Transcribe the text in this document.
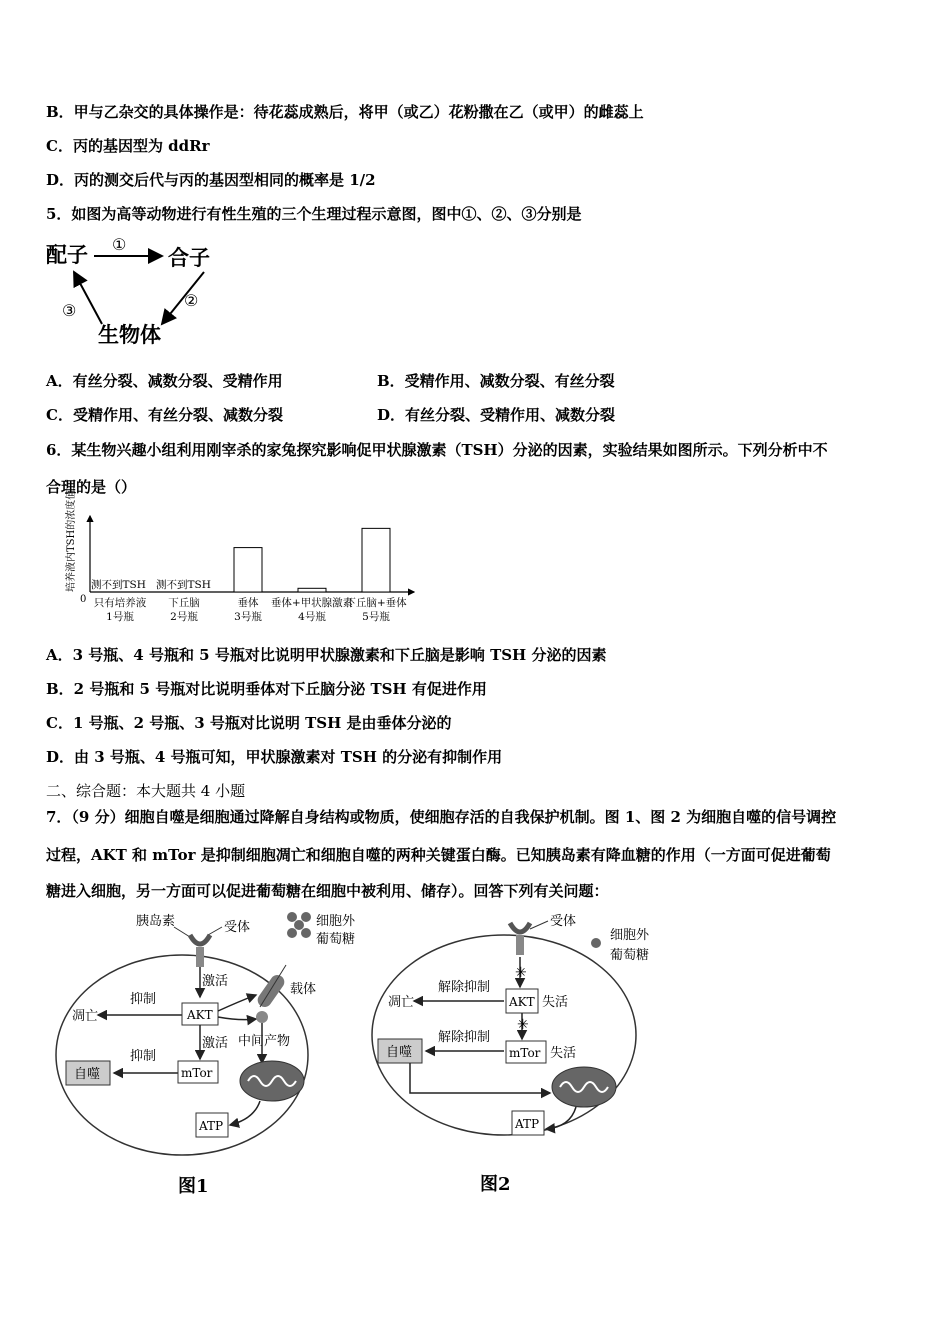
B．甲与乙杂交的具体操作是：待花蕊成熟后，将甲（或乙）花粉撒在乙（或甲）的雌蕊上
C．丙的基因型为 ddRr
D．丙的测交后代与丙的基因型相同的概率是 1/2
5．如图为高等动物进行有性生殖的三个生理过程示意图，图中①、②、③分别是
配子	合子
生物体
①
②
③
A．有丝分裂、减数分裂、受精作用	B．受精作用、减数分裂、有丝分裂
C．受精作用、有丝分裂、减数分裂	D．有丝分裂、受精作用、减数分裂
6．某生物兴趣小组利用刚宰杀的家兔探究影响促甲状腺激素（TSH）分泌的因素，实验结果如图所示。下列分析中不
合理的是（）
培养液内TSH的浓度值
0
测不到TSH 测不到TSH
只有培养液
1号瓶
下丘脑
2号瓶
垂体
3号瓶
垂体+甲状腺激素
4号瓶
下丘脑+垂体
5号瓶
A．3 号瓶、4 号瓶和 5 号瓶对比说明甲状腺激素和下丘脑是影响 TSH 分泌的因素
B．2 号瓶和 5 号瓶对比说明垂体对下丘脑分泌 TSH 有促进作用
C．1 号瓶、2 号瓶、3 号瓶对比说明 TSH 是由垂体分泌的
D．由 3 号瓶、4 号瓶可知，甲状腺激素对 TSH 的分泌有抑制作用
二、综合题：本大题共 4 小题
7．（9 分）细胞自噬是细胞通过降解自身结构或物质，使细胞存活的自我保护机制。图 1、图 2 为细胞自噬的信号调控
过程，AKT 和 mTor 是抑制细胞凋亡和细胞自噬的两种关键蛋白酶。已知胰岛素有降血糖的作用（一方面可促进葡萄
糖进入细胞，另一方面可以促进葡萄糖在细胞中被利用、储存）。回答下列有关问题：
胰岛素	受体	细胞外
葡萄糖
激活
载体
抑制
凋亡	AKT
激活 中间产物
抑制
自噬	mTor
ATP
图1
受体
细胞外
葡萄糖
✳
解除抑制
凋亡	AKT 失活
✳
解除抑制
自噬	mTor 失活
ATP
图2
